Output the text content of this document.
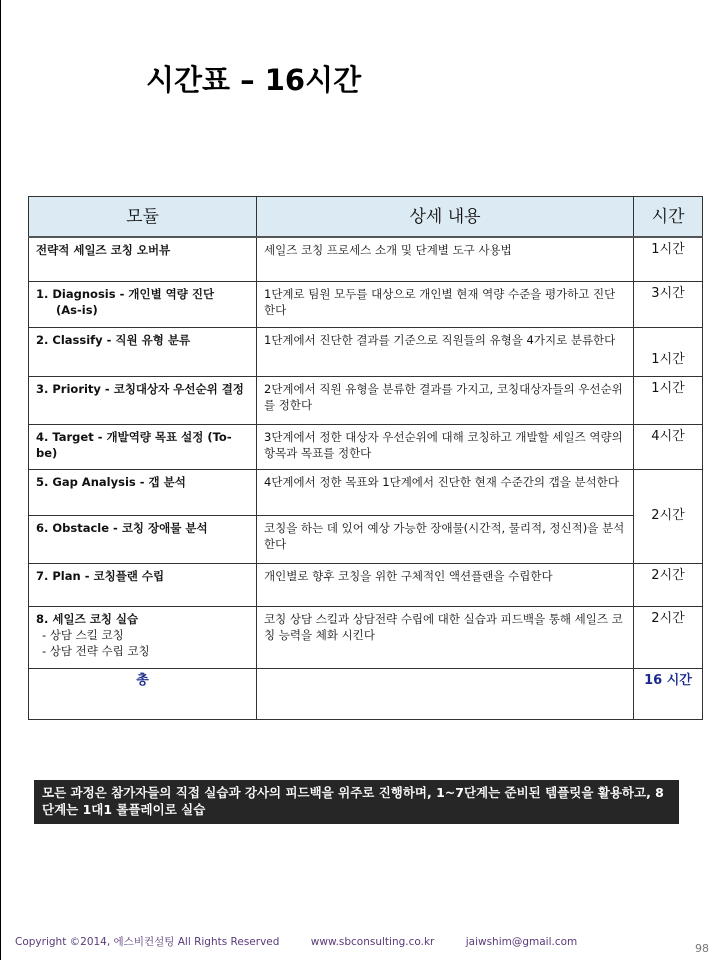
시간표 – 16시간
모듈	상세 내용	시간
전략적 세일즈 코칭 오버뷰	세일즈 코칭 프로세스 소개 및 단계별 도구 사용법	1시간
1. Diagnosis - 개인별 역량 진단
(As-is)	1단계로 팀원 모두를 대상으로 개인별 현재 역량 수준을 평가하고 진단한다	3시간
2. Classify - 직원 유형 분류	1단계에서 진단한 결과를 기준으로 직원들의 유형을 4가지로 분류한다	1시간
3. Priority - 코칭대상자 우선순위 결정	2단계에서 직원 유형을 분류한 결과를 가지고, 코칭대상자들의 우선순위를 정한다	1시간
4. Target - 개발역량 목표 설정 (To-be)	3단계에서 정한 대상자 우선순위에 대해 코칭하고 개발할 세일즈 역량의 항목과 목표를 정한다	4시간
5. Gap Analysis - 갭 분석	4단계에서 정한 목표와 1단계에서 진단한 현재 수준간의 갭을 분석한다	2시간
6. Obstacle - 코칭 장애물 분석	코칭을 하는 데 있어 예상 가능한 장애물(시간적, 물리적, 정신적)을 분석한다	
7. Plan - 코칭플랜 수립	개인별로 향후 코칭을 위한 구체적인 액션플랜을 수립한다	2시간
8. 세일즈 코칭 실습
- 상담 스킬 코칭
- 상담 전략 수립 코칭	코칭 상담 스킬과 상담전략 수립에 대한 실습과 피드백을 통해 세일즈 코칭 능력을 체화 시킨다	2시간
총		16 시간
모든 과정은 참가자들의 직접 실습과 강사의 피드백을 위주로 진행하며, 1~7단계는 준비된 템플릿을 활용하고, 8단계는 1대1 롤플레이로 실습
Copyright ©2014, 에스비컨설팅 All Rights Reserved	www.sbconsulting.co.kr	jaiwshim@gmail.com	98
